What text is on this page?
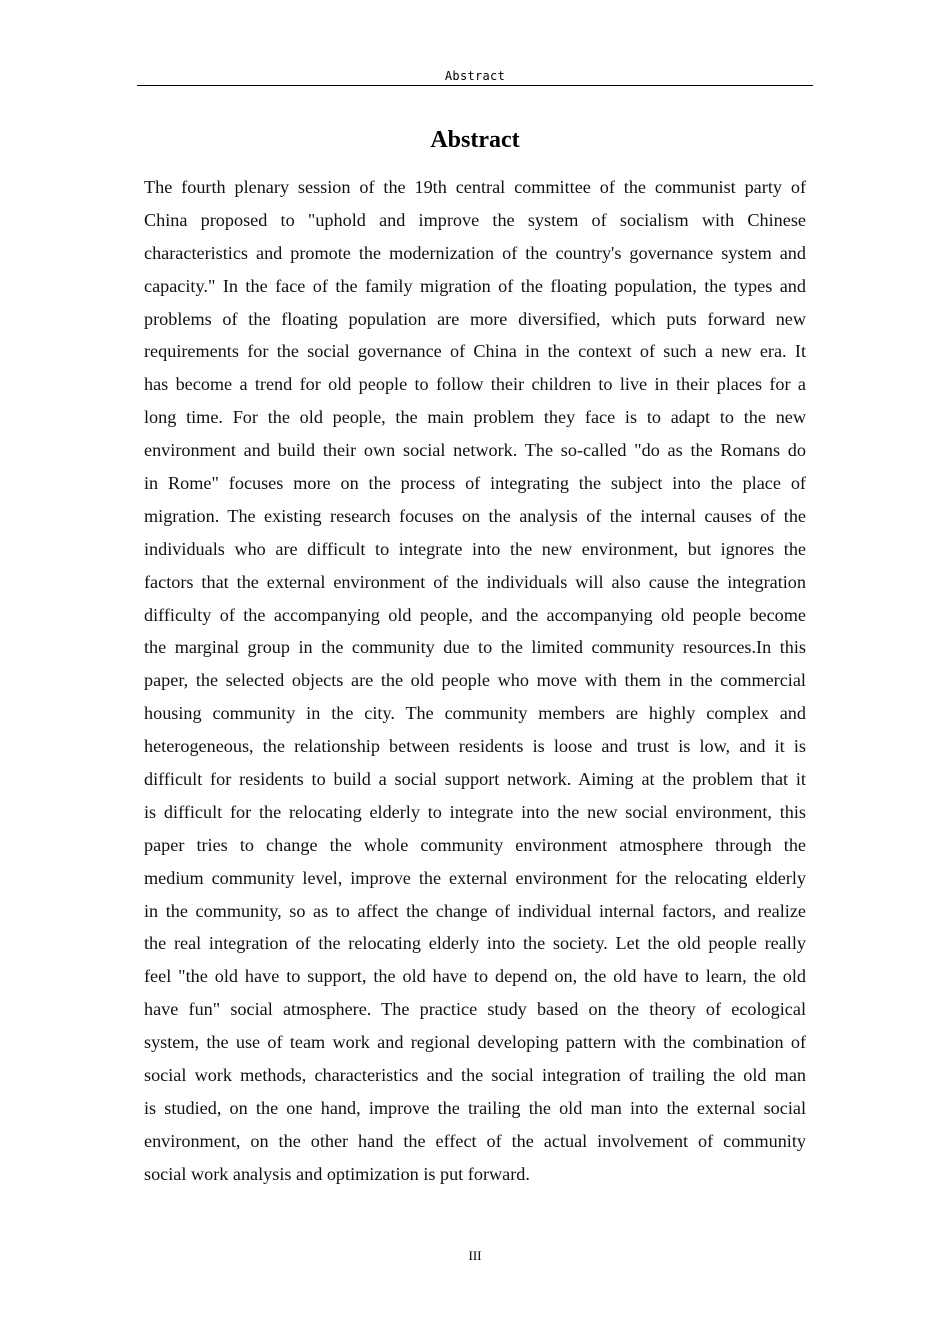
Abstract
Abstract
The fourth plenary session of the 19th central committee of the communist party of
China proposed to "uphold and improve the system of socialism with Chinese
characteristics and promote the modernization of the country's governance system and
capacity." In the face of the family migration of the floating population, the types and
problems of the floating population are more diversified, which puts forward new
requirements for the social governance of China in the context of such a new era. It
has become a trend for old people to follow their children to live in their places for a
long time. For the old people, the main problem they face is to adapt to the new
environment and build their own social network. The so-called "do as the Romans do
in Rome" focuses more on the process of integrating the subject into the place of
migration. The existing research focuses on the analysis of the internal causes of the
individuals who are difficult to integrate into the new environment, but ignores the
factors that the external environment of the individuals will also cause the integration
difficulty of the accompanying old people, and the accompanying old people become
the marginal group in the community due to the limited community resources.In this
paper, the selected objects are the old people who move with them in the commercial
housing community in the city. The community members are highly complex and
heterogeneous, the relationship between residents is loose and trust is low, and it is
difficult for residents to build a social support network. Aiming at the problem that it
is difficult for the relocating elderly to integrate into the new social environment, this
paper tries to change the whole community environment atmosphere through the
medium community level, improve the external environment for the relocating elderly
in the community, so as to affect the change of individual internal factors, and realize
the real integration of the relocating elderly into the society. Let the old people really
feel "the old have to support, the old have to depend on, the old have to learn, the old
have fun" social atmosphere. The practice study based on the theory of ecological
system, the use of team work and regional developing pattern with the combination of
social work methods, characteristics and the social integration of trailing the old man
is studied, on the one hand, improve the trailing the old man into the external social
environment, on the other hand the effect of the actual involvement of community
social work analysis and optimization is put forward.
III
